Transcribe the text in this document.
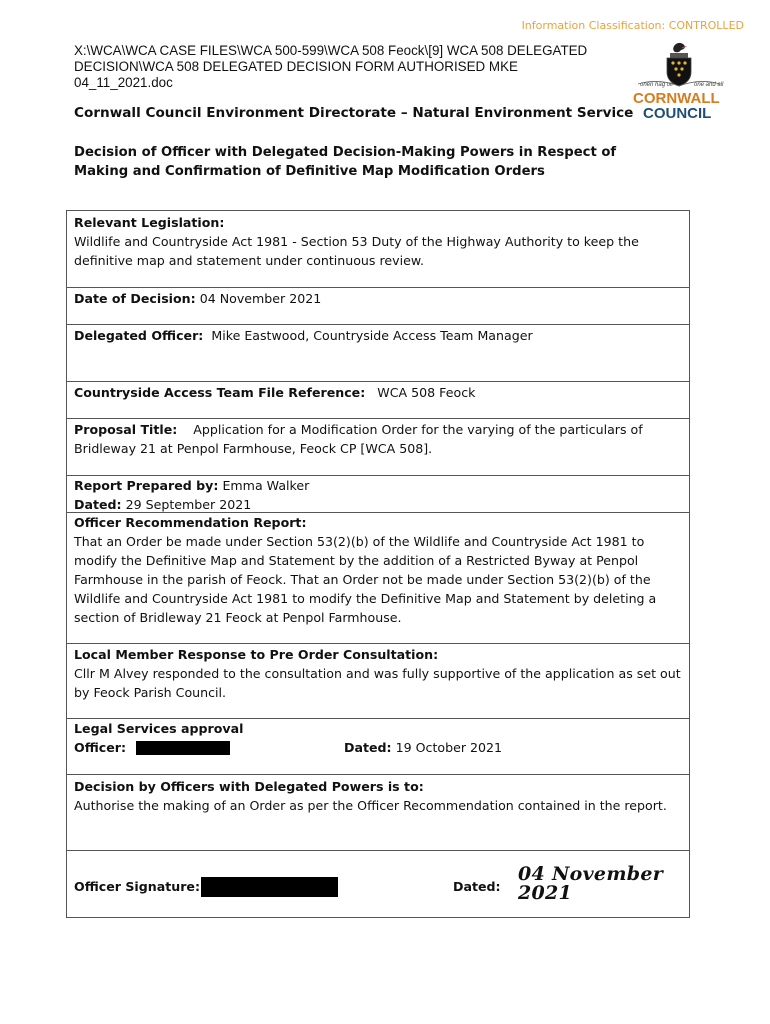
Information Classification: CONTROLLED
X:\WCA\WCA CASE FILES\WCA 500-599\WCA 508 Feock\[9] WCA 508 DELEGATED
DECISION\WCA 508 DELEGATED DECISION FORM AUTHORISED MKE
04_11_2021.doc	onen hag oll	one and all
CORNWALL
COUNCIL
Cornwall Council Environment Directorate – Natural Environment Service
Decision of Officer with Delegated Decision-Making Powers in Respect of Making and Confirmation of Definitive Map Modification Orders
Relevant Legislation:
Wildlife and Countryside Act 1981 - Section 53 Duty of the Highway Authority to keep the definitive map and statement under continuous review.
Date of Decision: 04 November 2021
Delegated Officer: Mike Eastwood, Countryside Access Team Manager
Countryside Access Team File Reference: WCA 508 Feock
Proposal Title: Application for a Modification Order for the varying of the particulars of Bridleway 21 at Penpol Farmhouse, Feock CP [WCA 508].
Report Prepared by: Emma Walker
Dated: 29 September 2021
Officer Recommendation Report:
That an Order be made under Section 53(2)(b) of the Wildlife and Countryside Act 1981 to modify the Definitive Map and Statement by the addition of a Restricted Byway at Penpol Farmhouse in the parish of Feock. That an Order not be made under Section 53(2)(b) of the Wildlife and Countryside Act 1981 to modify the Definitive Map and Statement by deleting a section of Bridleway 21 Feock at Penpol Farmhouse.
Local Member Response to Pre Order Consultation:
Cllr M Alvey responded to the consultation and was fully supportive of the application as set out by Feock Parish Council.
Legal Services approval
Officer:	Dated: 19 October 2021
Decision by Officers with Delegated Powers is to:
Authorise the making of an Order as per the Officer Recommendation contained in the report.
Officer Signature:	Dated:
04 November 2021
